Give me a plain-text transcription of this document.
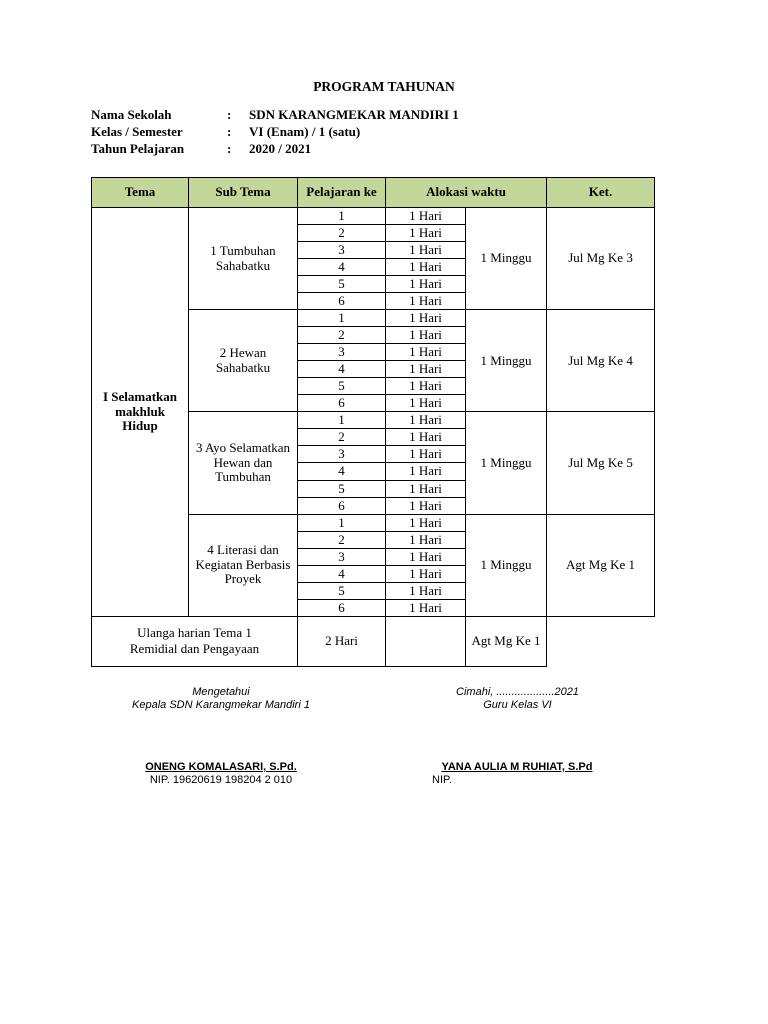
PROGRAM TAHUNAN
Nama Sekolah	: SDN KARANGMEKAR MANDIRI 1
Kelas / Semester	: VI (Enam) / 1 (satu)
Tahun Pelajaran	: 2020 / 2021
Tema	Sub Tema	Pelajaran ke	Alokasi waktu		Ket.
I Selamatkan makhluk Hidup	1 Tumbuhan Sahabatku	1	1 Hari	1 Minggu	Jul Mg Ke 3
		2	1 Hari		
		3	1 Hari		
		4	1 Hari		
		5	1 Hari		
		6	1 Hari		
	2 Hewan Sahabatku	1	1 Hari	1 Minggu	Jul Mg Ke 4
		2	1 Hari		
		3	1 Hari		
		4	1 Hari		
		5	1 Hari		
		6	1 Hari		
	3 Ayo Selamatkan Hewan dan Tumbuhan	1	1 Hari	1 Minggu	Jul Mg Ke 5
		2	1 Hari		
		3	1 Hari		
		4	1 Hari		
		5	1 Hari		
		6	1 Hari		
	4 Literasi dan Kegiatan Berbasis Proyek	1	1 Hari	1 Minggu	Agt Mg Ke 1
		2	1 Hari		
		3	1 Hari		
		4	1 Hari		
		5	1 Hari		
		6	1 Hari		

Ulanga harian Tema 1
Remidial dan Pengayaan		2 Hari		Agt Mg Ke 1	
Mengetahui
Kepala SDN Karangmekar Mandiri 1
Cimahi, ...................2021
Guru Kelas VI
ONENG KOMALASARI, S.Pd.
NIP. 19620619 198204 2 010
YANA AULIA M RUHIAT, S.Pd
NIP.
